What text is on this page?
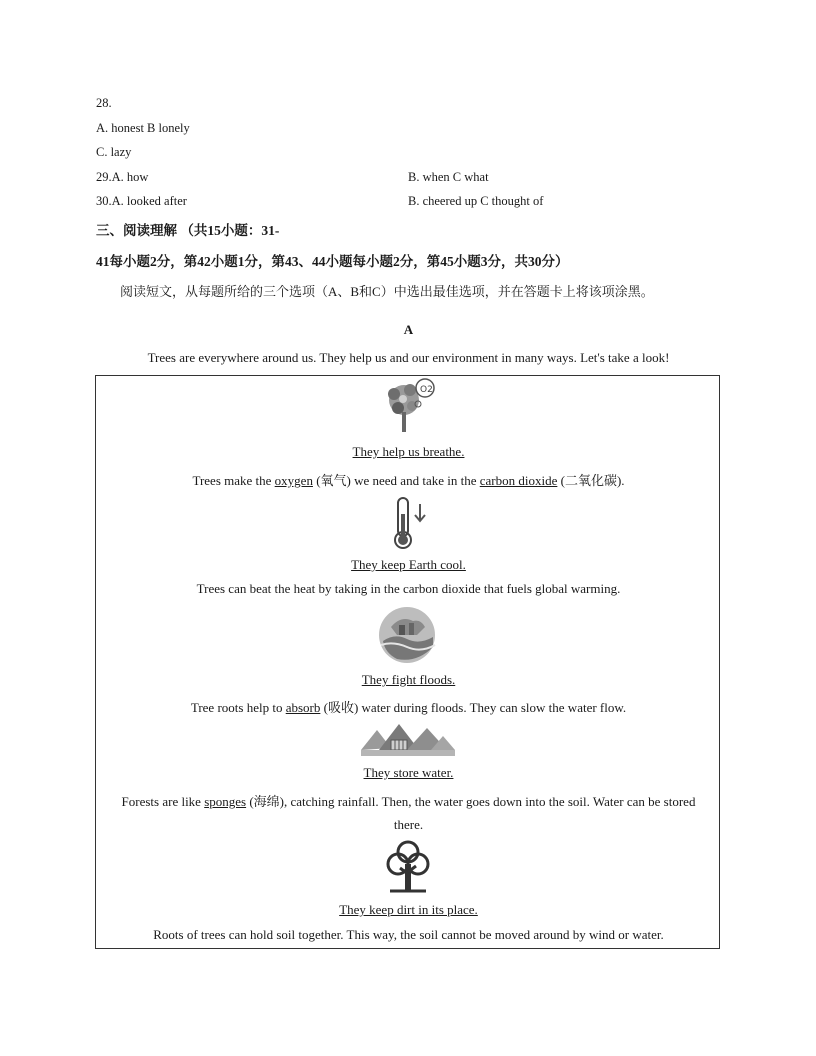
28.
A. honest B lonely
C. lazy
29.A. how	B. when C what
30.A. looked after	B. cheered up C thought of
三、阅读理解 （共15小题：31-
41每小题2分，第42小题1分，第43、44小题每小题2分，第45小题3分，共30分）
阅读短文，从每题所给的三个选项（A、B和C）中选出最佳选项，并在答题卡上将该项涂黑。
A
Trees are everywhere around us. They help us and our environment in many ways. Let's take a look!
O2
They help us breathe.
Trees make the oxygen (氧气) we need and take in the carbon dioxide (二氧化碳).
They keep Earth cool.
Trees can beat the heat by taking in the carbon dioxide that fuels global warming.
They fight floods.
Tree roots help to absorb (吸收) water during floods. They can slow the water flow.
They store water.
Forests are like sponges (海绵), catching rainfall. Then, the water goes down into the soil. Water can be stored
there.
They keep dirt in its place.
Roots of trees can hold soil together. This way, the soil cannot be moved around by wind or water.
